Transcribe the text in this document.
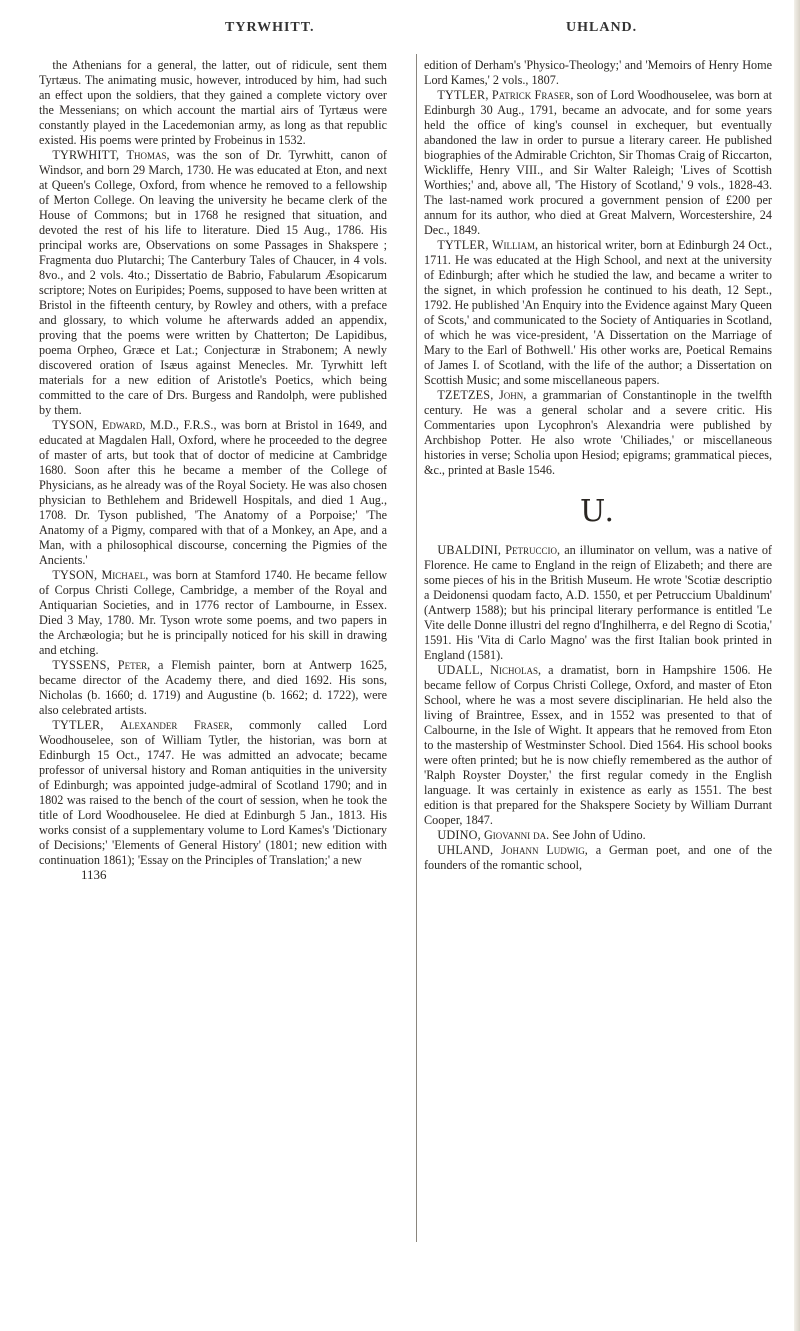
TYRWHITT.	UHLAND.

the Athenians for a general, the latter, out of ridicule, sent them Tyrtæus. The animating music, however, introduced by him, had such an effect upon the soldiers, that they gained a complete victory over the Messenians; on which account the martial airs of Tyrtæus were constantly played in the Lacedemonian army, as long as that republic existed. His poems were printed by Frobeinus in 1532.

TYRWHITT, Thomas, was the son of Dr. Tyrwhitt, canon of Windsor, and born 29 March, 1730. He was educated at Eton, and next at Queen's College, Oxford, from whence he removed to a fellowship of Merton College. On leaving the university he became clerk of the House of Commons; but in 1768 he resigned that situation, and devoted the rest of his life to literature. Died 15 Aug., 1786. His principal works are, Observations on some Passages in Shakspere ; Fragmenta duo Plutarchi; The Canterbury Tales of Chaucer, in 4 vols. 8vo., and 2 vols. 4to.; Dissertatio de Babrio, Fabularum Æsopicarum scriptore; Notes on Euripides; Poems, supposed to have been written at Bristol in the fifteenth century, by Rowley and others, with a preface and glossary, to which volume he afterwards added an appendix, proving that the poems were written by Chatterton; De Lapidibus, poema Orpheo, Græce et Lat.; Conjecturæ in Strabonem; A newly discovered oration of Isæus against Menecles. Mr. Tyrwhitt left materials for a new edition of Aristotle's Poetics, which being committed to the care of Drs. Burgess and Randolph, were published by them.

TYSON, Edward, M.D., F.R.S., was born at Bristol in 1649, and educated at Magdalen Hall, Oxford, where he proceeded to the degree of master of arts, but took that of doctor of medicine at Cambridge 1680. Soon after this he became a member of the College of Physicians, as he already was of the Royal Society. He was also chosen physician to Bethlehem and Bridewell Hospitals, and died 1 Aug., 1708. Dr. Tyson published, 'The Anatomy of a Porpoise;' 'The Anatomy of a Pigmy, compared with that of a Monkey, an Ape, and a Man, with a philosophical discourse, concerning the Pigmies of the Ancients.'

TYSON, Michael, was born at Stamford 1740. He became fellow of Corpus Christi College, Cambridge, a member of the Royal and Antiquarian Societies, and in 1776 rector of Lambourne, in Essex. Died 3 May, 1780. Mr. Tyson wrote some poems, and two papers in the Archæologia; but he is principally noticed for his skill in drawing and etching.

TYSSENS, Peter, a Flemish painter, born at Antwerp 1625, became director of the Academy there, and died 1692. His sons, Nicholas (b. 1660; d. 1719) and Augustine (b. 1662; d. 1722), were also celebrated artists.

TYTLER, Alexander Fraser, commonly called Lord Woodhouselee, son of William Tytler, the historian, was born at Edinburgh 15 Oct., 1747. He was admitted an advocate; became professor of universal history and Roman antiquities in the university of Edinburgh; was appointed judge-admiral of Scotland 1790; and in 1802 was raised to the bench of the court of session, when he took the title of Lord Woodhouselee. He died at Edinburgh 5 Jan., 1813. His works consist of a supplementary volume to Lord Kames's 'Dictionary of Decisions;' 'Elements of General History' (1801; new edition with continuation 1861); 'Essay on the Principles of Translation;' a new

1136

edition of Derham's 'Physico-Theology;' and 'Memoirs of Henry Home Lord Kames,' 2 vols., 1807.

TYTLER, Patrick Fraser, son of Lord Woodhouselee, was born at Edinburgh 30 Aug., 1791, became an advocate, and for some years held the office of king's counsel in exchequer, but eventually abandoned the law in order to pursue a literary career. He published biographies of the Admirable Crichton, Sir Thomas Craig of Riccarton, Wickliffe, Henry VIII., and Sir Walter Raleigh; 'Lives of Scottish Worthies;' and, above all, 'The History of Scotland,' 9 vols., 1828-43. The last-named work procured a government pension of £200 per annum for its author, who died at Great Malvern, Worcestershire, 24 Dec., 1849.

TYTLER, William, an historical writer, born at Edinburgh 24 Oct., 1711. He was educated at the High School, and next at the university of Edinburgh; after which he studied the law, and became a writer to the signet, in which profession he continued to his death, 12 Sept., 1792. He published 'An Enquiry into the Evidence against Mary Queen of Scots,' and communicated to the Society of Antiquaries in Scotland, of which he was vice-president, 'A Dissertation on the Marriage of Mary to the Earl of Bothwell.' His other works are, Poetical Remains of James I. of Scotland, with the life of the author; a Dissertation on Scottish Music; and some miscellaneous papers.

TZETZES, John, a grammarian of Constantinople in the twelfth century. He was a general scholar and a severe critic. His Commentaries upon Lycophron's Alexandria were published by Archbishop Potter. He also wrote 'Chiliades,' or miscellaneous histories in verse; Scholia upon Hesiod; epigrams; grammatical pieces, &c., printed at Basle 1546.

U.

UBALDINI, Petruccio, an illuminator on vellum, was a native of Florence. He came to England in the reign of Elizabeth; and there are some pieces of his in the British Museum. He wrote 'Scotiæ descriptio a Deidonensi quodam facto, A.D. 1550, et per Petruccium Ubaldinum' (Antwerp 1588); but his principal literary performance is entitled 'Le Vite delle Donne illustri del regno d'Inghilherra, e del Regno di Scotia,' 1591. His 'Vita di Carlo Magno' was the first Italian book printed in England (1581).

UDALL, Nicholas, a dramatist, born in Hampshire 1506. He became fellow of Corpus Christi College, Oxford, and master of Eton School, where he was a most severe disciplinarian. He held also the living of Braintree, Essex, and in 1552 was presented to that of Calbourne, in the Isle of Wight. It appears that he removed from Eton to the mastership of Westminster School. Died 1564. His school books were often printed; but he is now chiefly remembered as the author of 'Ralph Royster Doyster,' the first regular comedy in the English language. It was certainly in existence as early as 1551. The best edition is that prepared for the Shakspere Society by William Durrant Cooper, 1847.

UDINO, Giovanni da. See John of Udino.

UHLAND, Johann Ludwig, a German poet, and one of the founders of the romantic school,
